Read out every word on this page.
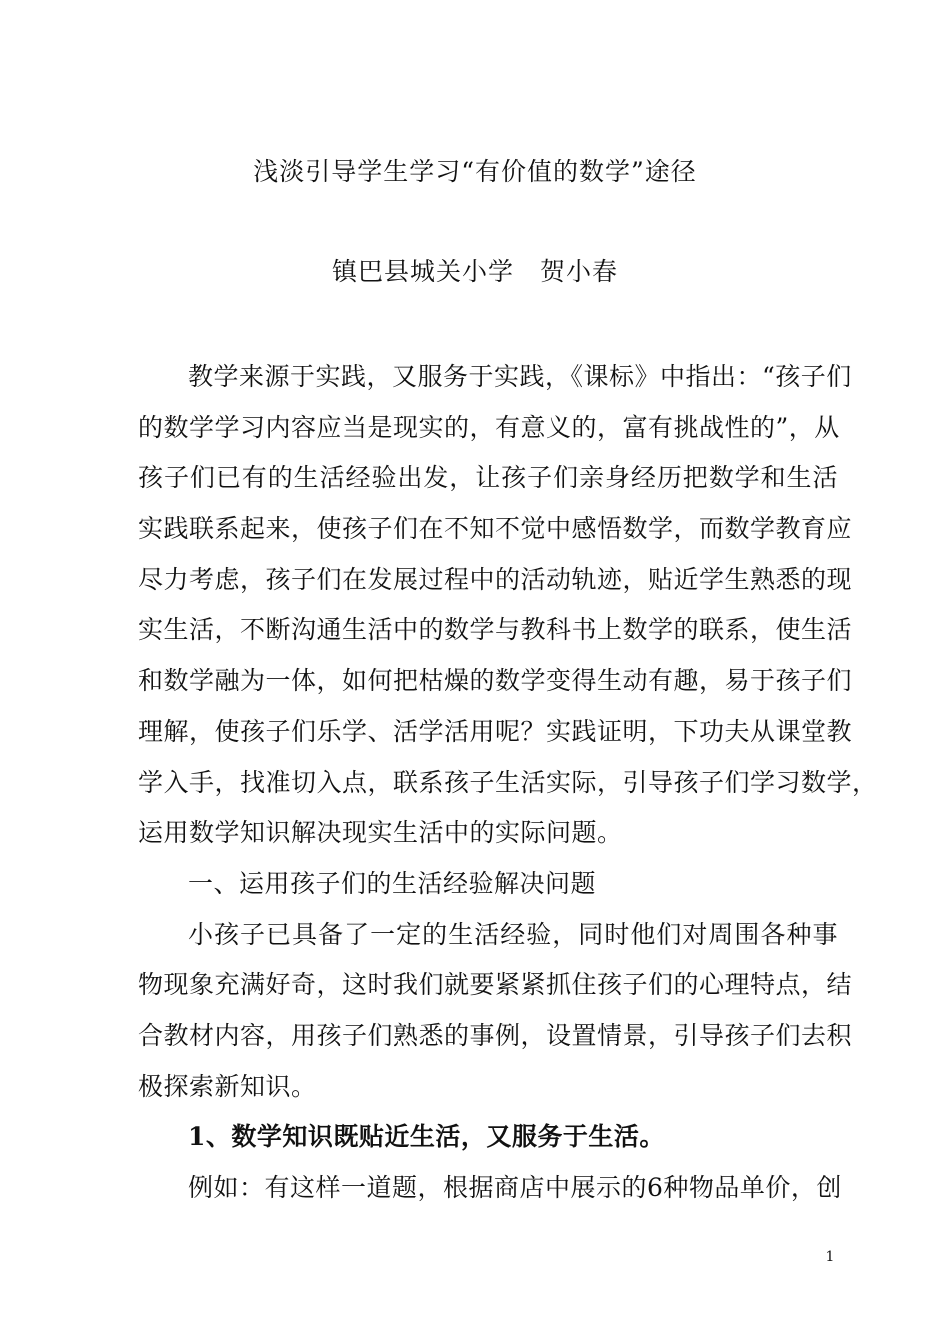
浅淡引导学生学习“有价值的数学”途径
镇巴县城关小学　贺小春
教学来源于实践，又服务于实践，《课标》中指出：“孩子们
的数学学习内容应当是现实的，有意义的，富有挑战性的”，从
孩子们已有的生活经验出发，让孩子们亲身经历把数学和生活
实践联系起来，使孩子们在不知不觉中感悟数学，而数学教育应
尽力考虑，孩子们在发展过程中的活动轨迹，贴近学生熟悉的现
实生活，不断沟通生活中的数学与教科书上数学的联系，使生活
和数学融为一体，如何把枯燥的数学变得生动有趣，易于孩子们
理解，使孩子们乐学、活学活用呢？实践证明，下功夫从课堂教
学入手，找准切入点，联系孩子生活实际，引导孩子们学习数学，
运用数学知识解决现实生活中的实际问题。
一、运用孩子们的生活经验解决问题
小孩子已具备了一定的生活经验，同时他们对周围各种事
物现象充满好奇，这时我们就要紧紧抓住孩子们的心理特点，结
合教材内容，用孩子们熟悉的事例，设置情景，引导孩子们去积
极探索新知识。
1、数学知识既贴近生活，又服务于生活。
例如：有这样一道题，根据商店中展示的6种物品单价，创
1
